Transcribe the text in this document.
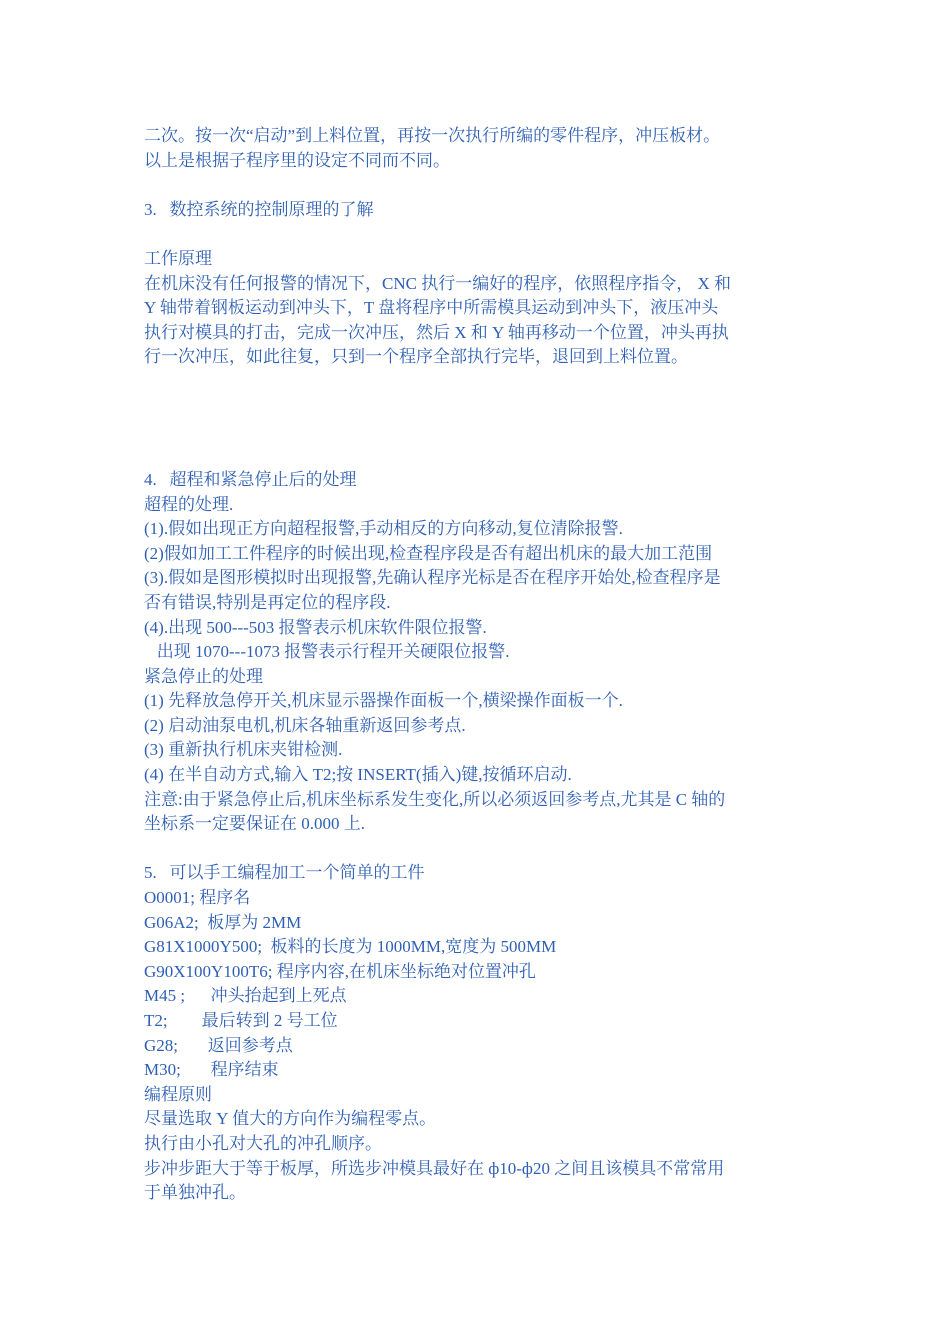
二次。按一次“启动”到上料位置，再按一次执行所编的零件程序，冲压板材。

以上是根据子程序里的设定不同而不同。

3.   数控系统的控制原理的了解

工作原理

在机床没有任何报警的情况下，CNC 执行一编好的程序，依照程序指令， X 和

Y 轴带着钢板运动到冲头下，T 盘将程序中所需模具运动到冲头下，液压冲头

执行对模具的打击，完成一次冲压，然后 X 和 Y 轴再移动一个位置，冲头再执

行一次冲压，如此往复，只到一个程序全部执行完毕，退回到上料位置。

4.   超程和紧急停止后的处理

超程的处理.

(1).假如出现正方向超程报警,手动相反的方向移动,复位清除报警.

(2)假如加工工件程序的时候出现,检查程序段是否有超出机床的最大加工范围

(3).假如是图形模拟时出现报警,先确认程序光标是否在程序开始处,检查程序是

否有错误,特别是再定位的程序段.

(4).出现 500---503 报警表示机床软件限位报警.

出现 1070---1073 报警表示行程开关硬限位报警.

紧急停止的处理

(1) 先释放急停开关,机床显示器操作面板一个,横梁操作面板一个.

(2) 启动油泵电机,机床各轴重新返回参考点.

(3) 重新执行机床夹钳检测.

(4) 在半自动方式,输入 T2;按 INSERT(插入)键,按循环启动.

注意:由于紧急停止后,机床坐标系发生变化,所以必须返回参考点,尤其是 C 轴的

坐标系一定要保证在 0.000 上.

5.   可以手工编程加工一个简单的工件

O0001; 程序名

G06A2;  板厚为 2MM

G81X1000Y500;  板料的长度为 1000MM,宽度为 500MM

G90X100Y100T6; 程序内容,在机床坐标绝对位置冲孔

M45 ;      冲头抬起到上死点

T2;        最后转到 2 号工位

G28;       返回参考点

M30;       程序结束

编程原则

尽量选取 Y 值大的方向作为编程零点。

执行由小孔对大孔的冲孔顺序。

步冲步距大于等于板厚，所选步冲模具最好在 ф10-ф20 之间且该模具不常常用

于单独冲孔。
